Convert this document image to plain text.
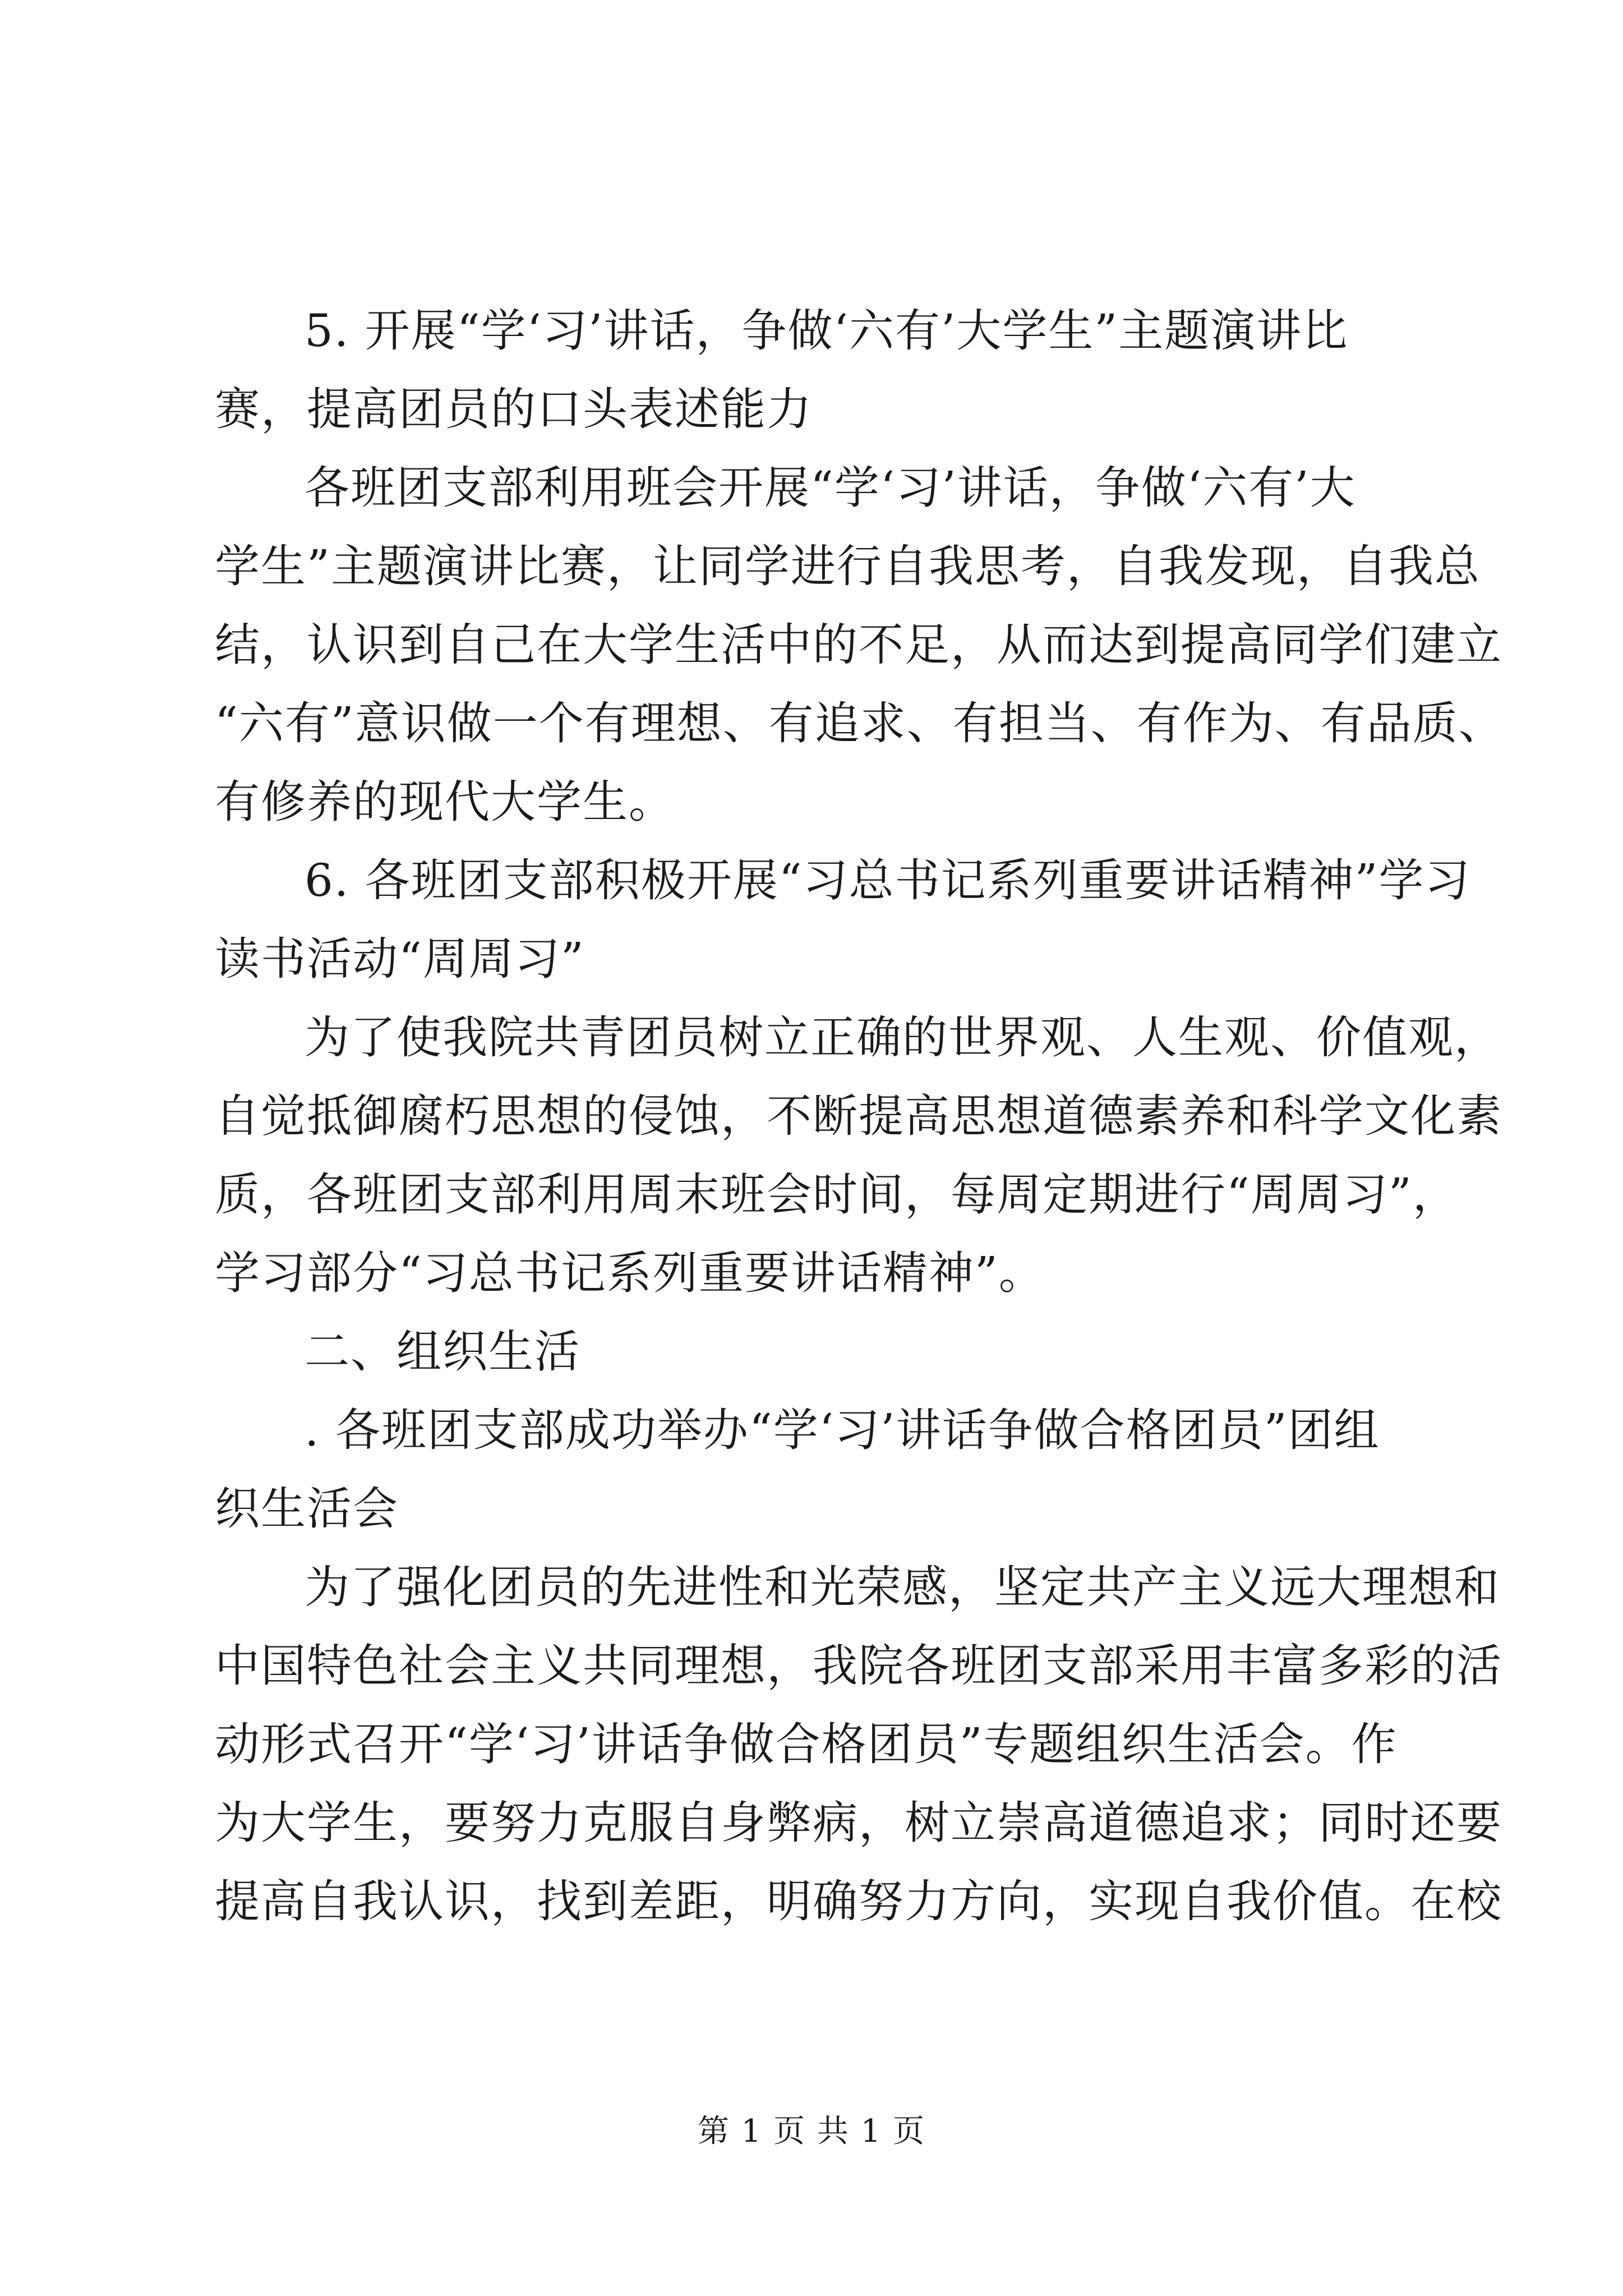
5. 开展“学‘习’讲话，争做‘六有’大学生”主题演讲比
赛，提高团员的口头表述能力

各班团支部利用班会开展“学‘习’讲话，争做‘六有’大
学生”主题演讲比赛，让同学进行自我思考，自我发现，自我总
结，认识到自己在大学生活中的不足，从而达到提高同学们建立
“六有”意识做一个有理想、有追求、有担当、有作为、有品质、
有修养的现代大学生。

6. 各班团支部积极开展“习总书记系列重要讲话精神”学习
读书活动“周周习”

为了使我院共青团员树立正确的世界观、人生观、价值观，
自觉抵御腐朽思想的侵蚀，不断提高思想道德素养和科学文化素
质，各班团支部利用周末班会时间，每周定期进行“周周习”，
学习部分“习总书记系列重要讲话精神”。

二、组织生活

. 各班团支部成功举办“学‘习’讲话争做合格团员”团组
织生活会

为了强化团员的先进性和光荣感，坚定共产主义远大理想和
中国特色社会主义共同理想，我院各班团支部采用丰富多彩的活
动形式召开“学‘习’讲话争做合格团员”专题组织生活会。作
为大学生，要努力克服自身弊病，树立崇高道德追求；同时还要
提高自我认识，找到差距，明确努力方向，实现自我价值。在校

第 1 页 共 1 页
